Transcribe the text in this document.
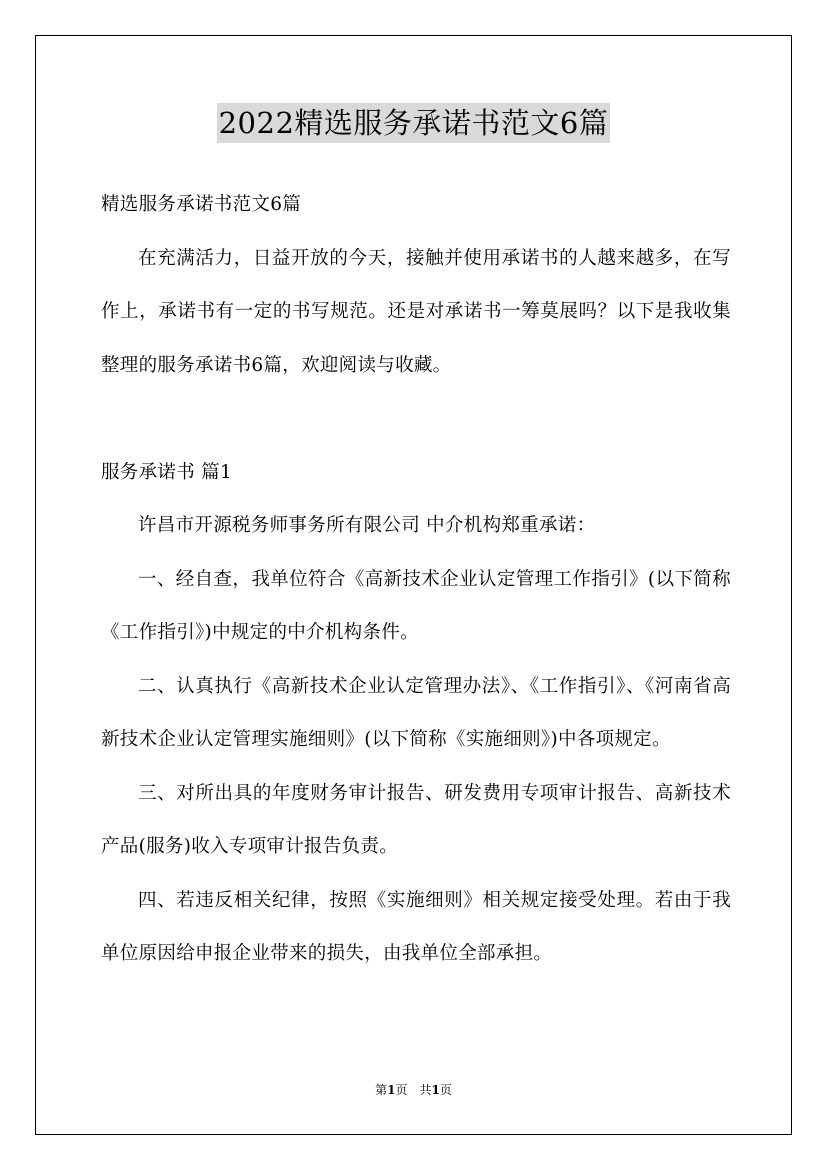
2022精选服务承诺书范文6篇

精选服务承诺书范文6篇

在充满活力，日益开放的今天，接触并使用承诺书的人越来越多，在写作上，承诺书有一定的书写规范。还是对承诺书一筹莫展吗？以下是我收集整理的服务承诺书6篇，欢迎阅读与收藏。

服务承诺书 篇1

许昌市开源税务师事务所有限公司 中介机构郑重承诺：

一、经自查，我单位符合《高新技术企业认定管理工作指引》(以下简称《工作指引》)中规定的中介机构条件。

二、认真执行《高新技术企业认定管理办法》、《工作指引》、《河南省高新技术企业认定管理实施细则》(以下简称《实施细则》)中各项规定。

三、对所出具的年度财务审计报告、研发费用专项审计报告、高新技术产品(服务)收入专项审计报告负责。

四、若违反相关纪律，按照《实施细则》相关规定接受处理。若由于我单位原因给申报企业带来的损失，由我单位全部承担。

第1页　共1页
